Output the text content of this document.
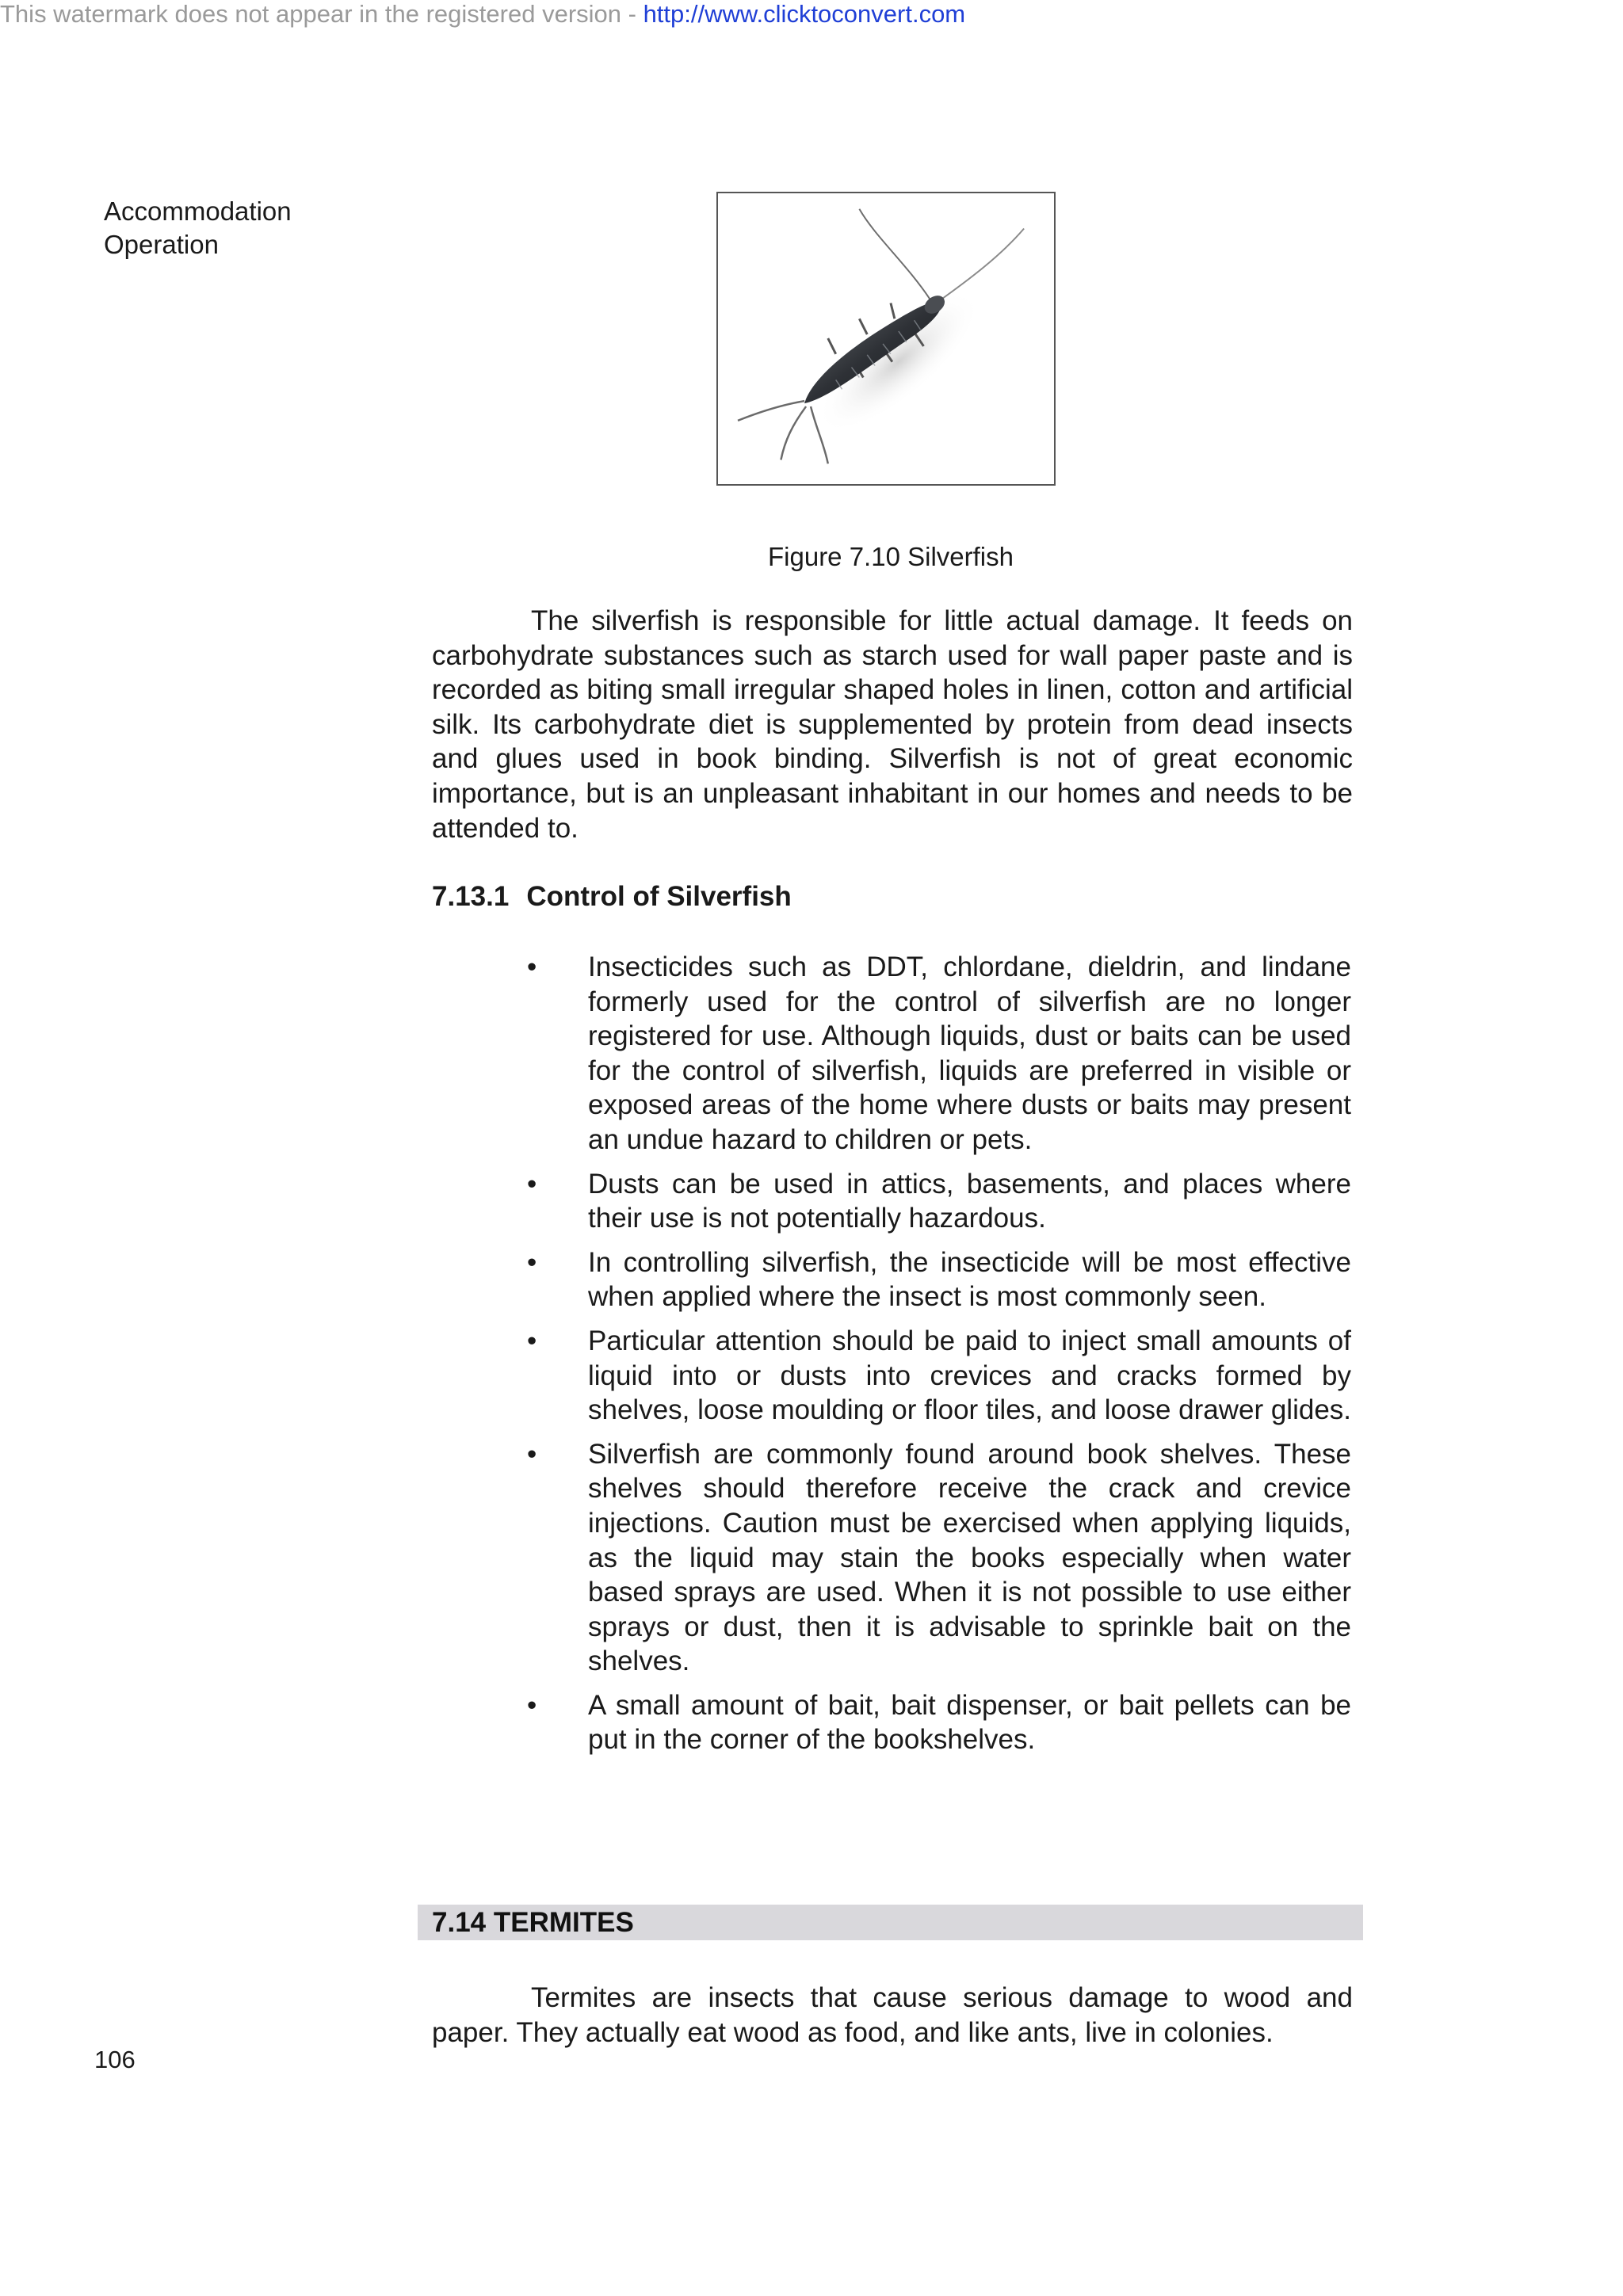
This watermark does not appear in the registered version - http://www.clicktoconvert.com
Accommodation
Operation
Figure 7.10 Silverfish

The silverfish is responsible for little actual damage. It feeds on carbohydrate substances such as starch used for wall paper paste and is recorded as biting small irregular shaped holes in linen, cotton and artificial silk. Its carbohydrate diet is supplemented by protein from dead insects and glues used in book binding. Silverfish is not of great economic importance, but is an unpleasant inhabitant in our homes and needs to be attended to.

7.13.1 Control of Silverfish
•	Insecticides such as DDT, chlordane, dieldrin, and lindane formerly used for the control of silverfish are no longer registered for use. Although liquids, dust or baits can be used for the control of silverfish, liquids are preferred in visible or exposed areas of the home where dusts or baits may present an undue hazard to children or pets.
•	Dusts can be used in attics, basements, and places where their use is not potentially hazardous.
•	In controlling silverfish, the insecticide will be most effective when applied where the insect is most commonly seen.
•	Particular attention should be paid to inject small amounts of liquid into or dusts into crevices and cracks formed by shelves, loose moulding or floor tiles, and loose drawer glides.
•	Silverfish are commonly found around book shelves. These shelves should therefore receive the crack and crevice injections. Caution must be exercised when applying liquids, as the liquid may stain the books especially when water based sprays are used. When it is not possible to use either sprays or dust, then it is advisable to sprinkle bait on the shelves.
•	A small amount of bait, bait dispenser, or bait pellets can be put in the corner of the bookshelves.
7.14 TERMITES

Termites are insects that cause serious damage to wood and paper. They actually eat wood as food, and like ants, live in colonies.

106
